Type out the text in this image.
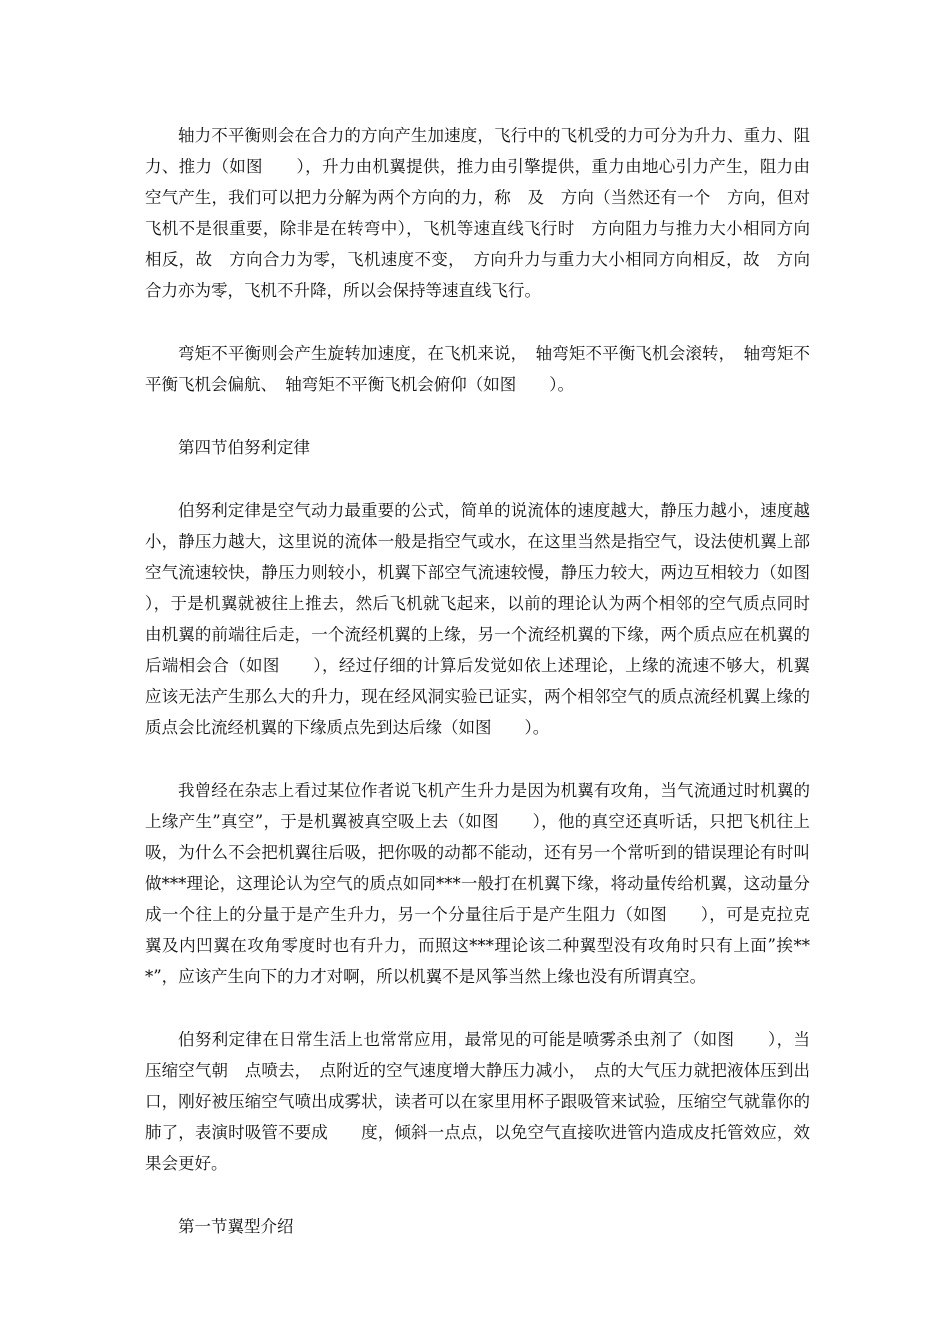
轴力不平衡则会在合力的方向产生加速度，飞行中的飞机受的力可分为升力、重力、阻力、推力（如图　　），升力由机翼提供，推力由引擎提供，重力由地心引力产生，阻力由空气产生，我们可以把力分解为两个方向的力，称　及　方向（当然还有一个　方向，但对飞机不是很重要，除非是在转弯中），飞机等速直线飞行时　方向阻力与推力大小相同方向相反，故　方向合力为零，飞机速度不变，　方向升力与重力大小相同方向相反，故　方向合力亦为零，飞机不升降，所以会保持等速直线飞行。

弯矩不平衡则会产生旋转加速度，在飞机来说，　轴弯矩不平衡飞机会滚转，　轴弯矩不平衡飞机会偏航、　轴弯矩不平衡飞机会俯仰（如图　　）。

第四节伯努利定律

伯努利定律是空气动力最重要的公式，简单的说流体的速度越大，静压力越小，速度越小，静压力越大，这里说的流体一般是指空气或水，在这里当然是指空气，设法使机翼上部空气流速较快，静压力则较小，机翼下部空气流速较慢，静压力较大，两边互相较力（如图　　），于是机翼就被往上推去，然后飞机就飞起来，以前的理论认为两个相邻的空气质点同时由机翼的前端往后走，一个流经机翼的上缘，另一个流经机翼的下缘，两个质点应在机翼的后端相会合（如图　　），经过仔细的计算后发觉如依上述理论，上缘的流速不够大，机翼应该无法产生那么大的升力，现在经风洞实验已证实，两个相邻空气的质点流经机翼上缘的质点会比流经机翼的下缘质点先到达后缘（如图　　）。

我曾经在杂志上看过某位作者说飞机产生升力是因为机翼有攻角，当气流通过时机翼的上缘产生”真空”，于是机翼被真空吸上去（如图　　），他的真空还真听话，只把飞机往上吸，为什么不会把机翼往后吸，把你吸的动都不能动，还有另一个常听到的错误理论有时叫做***理论，这理论认为空气的质点如同***一般打在机翼下缘，将动量传给机翼，这动量分成一个往上的分量于是产生升力，另一个分量往后于是产生阻力（如图　　），可是克拉克　翼及内凹翼在攻角零度时也有升力，而照这***理论该二种翼型没有攻角时只有上面”挨***”，应该产生向下的力才对啊，所以机翼不是风筝当然上缘也没有所谓真空。

伯努利定律在日常生活上也常常应用，最常见的可能是喷雾杀虫剂了（如图　　），当压缩空气朝　点喷去，　点附近的空气速度增大静压力减小，　点的大气压力就把液体压到出口，刚好被压缩空气喷出成雾状，读者可以在家里用杯子跟吸管来试验，压缩空气就靠你的肺了，表演时吸管不要成　　度，倾斜一点点，以免空气直接吹进管内造成皮托管效应，效果会更好。

第一节翼型介绍
